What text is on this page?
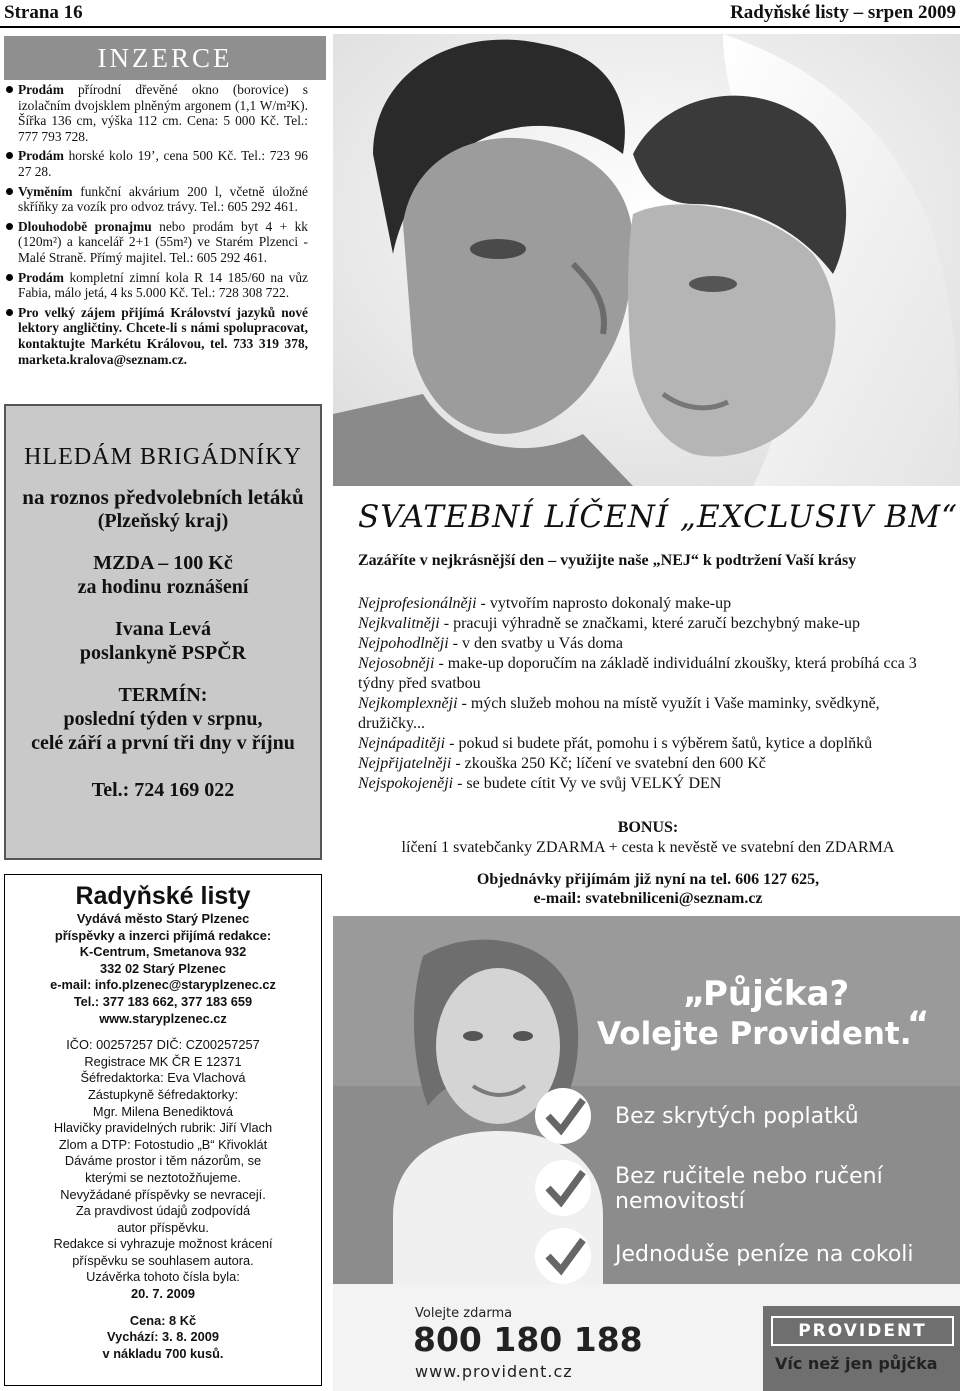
Strana 16	Radyňské listy – srpen 2009
INZERCE
Prodám přírodní dřevěné okno (borovice) s izolačním dvojsklem plněným argonem (1,1 W/m²K). Šířka 136 cm, výška 112 cm. Cena: 5 000 Kč. Tel.: 777 793 728.
Prodám horské kolo 19’, cena 500 Kč. Tel.: 723 96 27 28.
Vyměním funkční akvárium 200 l, včetně úložné skříňky za vozík pro odvoz trávy. Tel.: 605 292 461.
Dlouhodobě pronajmu nebo prodám byt 4 + kk (120m²) a kancelář 2+1 (55m²) ve Starém Plzenci - Malé Straně. Přímý majitel. Tel.: 605 292 461.
Prodám kompletní zimní kola R 14 185/60 na vůz Fabia, málo jetá, 4 ks 5.000 Kč. Tel.: 728 308 722.
Pro velký zájem přijímá Království jazyků nové lektory angličtiny. Chcete-li s námi spolupracovat, kontaktujte Markétu Královou, tel. 733 319 378, marketa.kralova@seznam.cz.
HLEDÁM BRIGÁDNÍKY
na roznos předvolebních letáků
(Plzeňský kraj)
MZDA – 100 Kč
za hodinu roznášení
Ivana Levá
poslankyně PSPČR
TERMÍN:
poslední týden v srpnu,
celé září a první tři dny v říjnu
Tel.: 724 169 022
Radyňské listy
Vydává město Starý Plzenec
příspěvky a inzerci přijímá redakce:
K-Centrum, Smetanova 932
332 02 Starý Plzenec
e-mail: info.plzenec@staryplzenec.cz
Tel.: 377 183 662, 377 183 659
www.staryplzenec.cz
IČO: 00257257 DIČ: CZ00257257
Registrace MK ČR E 12371
Šéfredaktorka: Eva Vlachová
Zástupkyně šéfredaktorky:
Mgr. Milena Benediktová
Hlavičky pravidelných rubrik: Jiří Vlach
Zlom a DTP: Fotostudio „B“ Křivoklát
Dáváme prostor i těm názorům, se
kterými se neztotožňujeme.
Nevyžádané příspěvky se nevracejí.
Za pravdivost údajů zodpovídá
autor příspěvku.
Redakce si vyhrazuje možnost krácení
příspěvku se souhlasem autora.
Uzávěrka tohoto čísla byla:
20. 7. 2009
Cena: 8 Kč
Vychází: 3. 8. 2009
v nákladu 700 kusů.
SVATEBNÍ LÍČENÍ „EXCLUSIV BM“
Zazáříte v nejkrásnější den – využijte naše „NEJ“ k podtržení Vaší krásy
Nejprofesionálněji - vytvořím naprosto dokonalý make-up
Nejkvalitněji - pracuji výhradně se značkami, které zaručí bezchybný make-up
Nejpohodlněji - v den svatby u Vás doma
Nejosobněji - make-up doporučím na základě individuální zkoušky, která probíhá cca 3 týdny před svatbou
Nejkomplexněji - mých služeb mohou na místě využít i Vaše maminky, svědkyně, družičky...
Nejnápaditěji - pokud si budete přát, pomohu i s výběrem šatů, kytice a doplňků
Nejpřijatelněji - zkouška 250 Kč; líčení ve svatební den 600 Kč
Nejspokojeněji - se budete cítit Vy ve svůj VELKÝ DEN
BONUS:
líčení 1 svatebčanky ZDARMA + cesta k nevěstě ve svatební den ZDARMA
Objednávky přijímám již nyní na tel. 606 127 625,
e-mail: svatebniliceni@seznam.cz
„
Půjčka?
Volejte Provident.
“
Bez skrytých poplatků
Bez ručitele nebo ručení
nemovitostí
Jednoduše peníze na cokoli
Volejte zdarma
800 180 188
www.provident.cz
PROVIDENT
Víc než jen půjčka
